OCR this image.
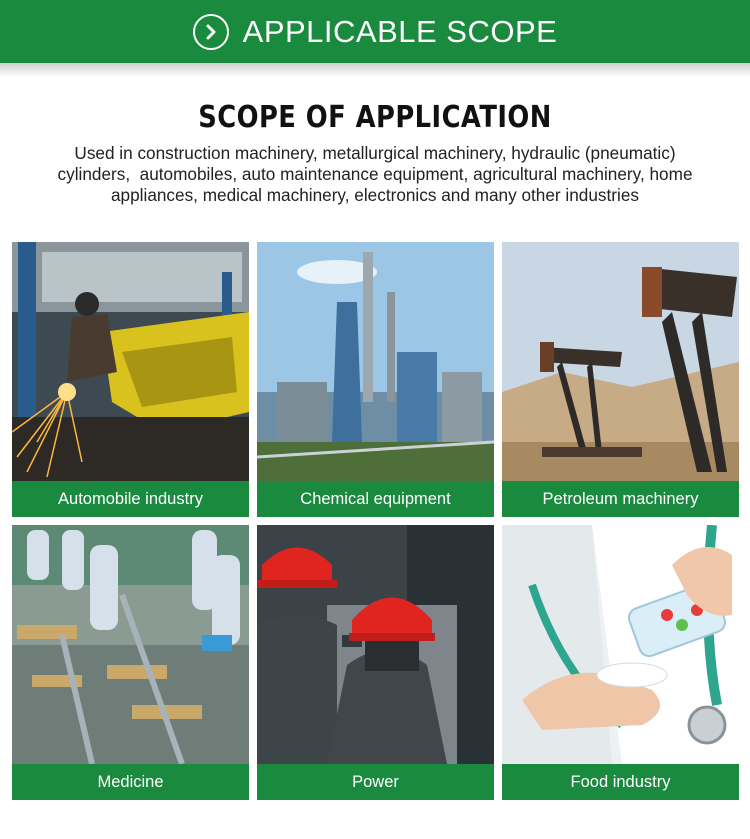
APPLICABLE SCOPE
SCOPE OF APPLICATION
Used in construction machinery, metallurgical machinery, hydraulic (pneumatic)
cylinders,  automobiles, auto maintenance equipment, agricultural machinery, home
appliances, medical machinery, electronics and many other industries
Automobile industry	Chemical equipment	Petroleum machinery
Medicine	Power	Food industry
